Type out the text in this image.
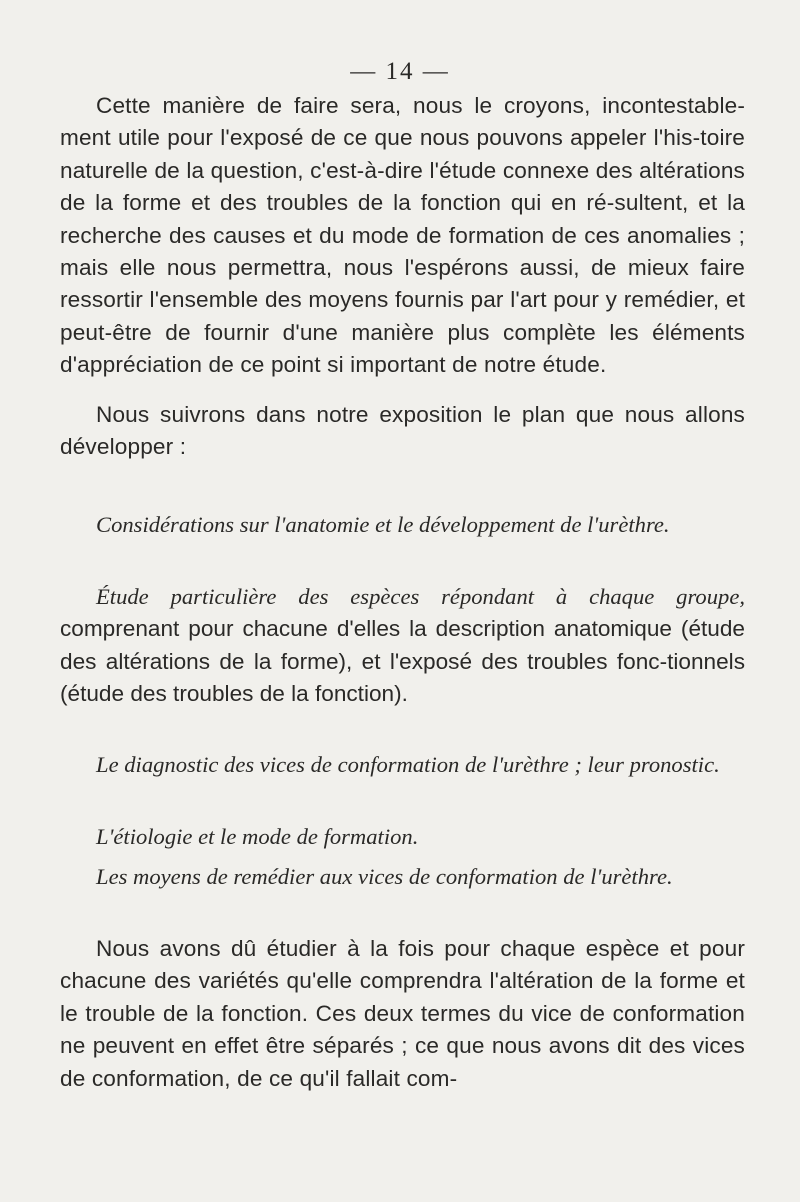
— 14 —

Cette manière de faire sera, nous le croyons, incontestable-ment utile pour l'exposé de ce que nous pouvons appeler l'his-toire naturelle de la question, c'est-à-dire l'étude connexe des altérations de la forme et des troubles de la fonction qui en ré-sultent, et la recherche des causes et du mode de formation de ces anomalies ; mais elle nous permettra, nous l'espérons aussi, de mieux faire ressortir l'ensemble des moyens fournis par l'art pour y remédier, et peut-être de fournir d'une manière plus complète les éléments d'appréciation de ce point si important de notre étude.

Nous suivrons dans notre exposition le plan que nous allons développer :

Considérations sur l'anatomie et le développement de l'urèthre.
Étude particulière des espèces répondant à chaque groupe, comprenant pour chacune d'elles la description anatomique (étude des altérations de la forme), et l'exposé des troubles fonc-tionnels (étude des troubles de la fonction).
Le diagnostic des vices de conformation de l'urèthre ; leur pronostic.
L'étiologie et le mode de formation.
Les moyens de remédier aux vices de conformation de l'urèthre.

Nous avons dû étudier à la fois pour chaque espèce et pour chacune des variétés qu'elle comprendra l'altération de la forme et le trouble de la fonction. Ces deux termes du vice de conformation ne peuvent en effet être séparés ; ce que nous avons dit des vices de conformation, de ce qu'il fallait com-
